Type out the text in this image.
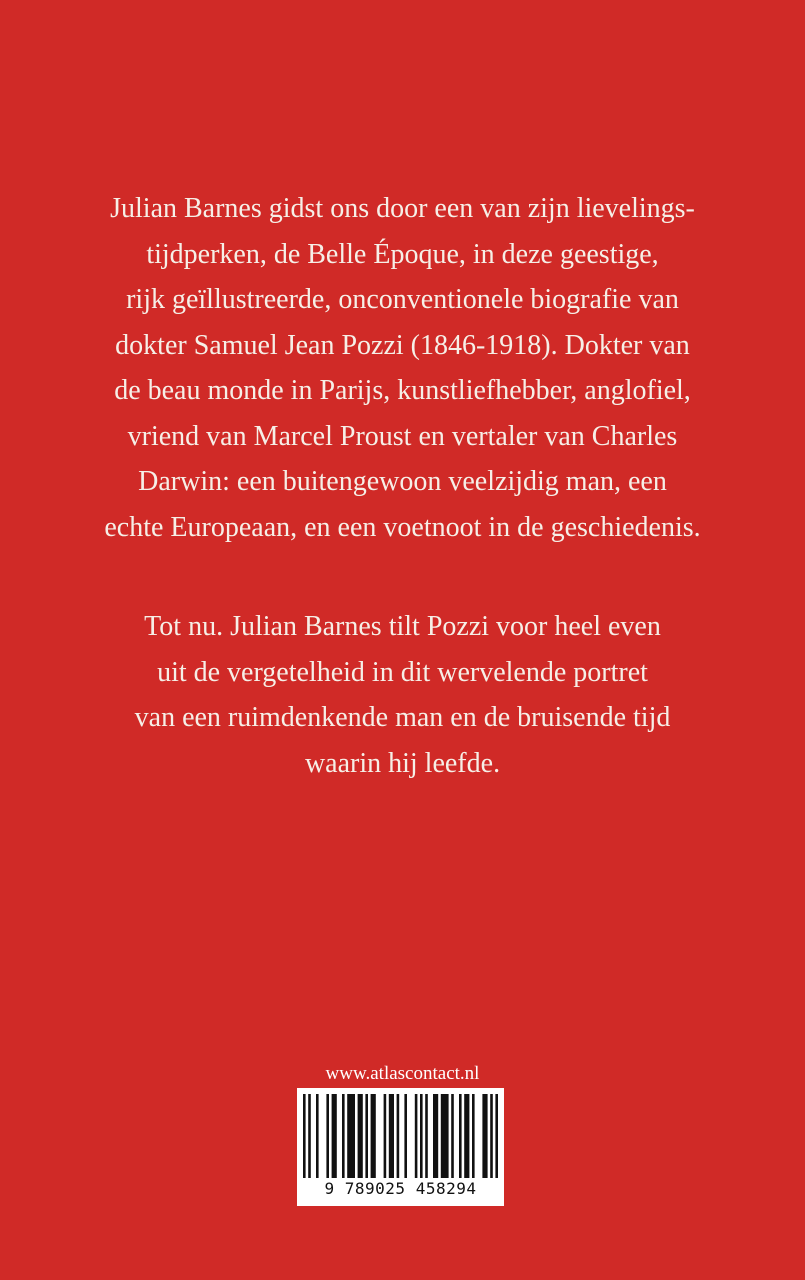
Julian Barnes gidst ons door een van zijn lievelings-
tijdperken, de Belle Époque, in deze geestige,
rijk geïllustreerde, onconventionele biografie van
dokter Samuel Jean Pozzi (1846-1918). Dokter van
de beau monde in Parijs, kunstliefhebber, anglofiel,
vriend van Marcel Proust en vertaler van Charles
Darwin: een buitengewoon veelzijdig man, een
echte Europeaan, en een voetnoot in de geschiedenis.
Tot nu. Julian Barnes tilt Pozzi voor heel even
uit de vergetelheid in dit wervelende portret
van een ruimdenkende man en de bruisende tijd
waarin hij leefde.
www.atlascontact.nl
9 789025 458294
